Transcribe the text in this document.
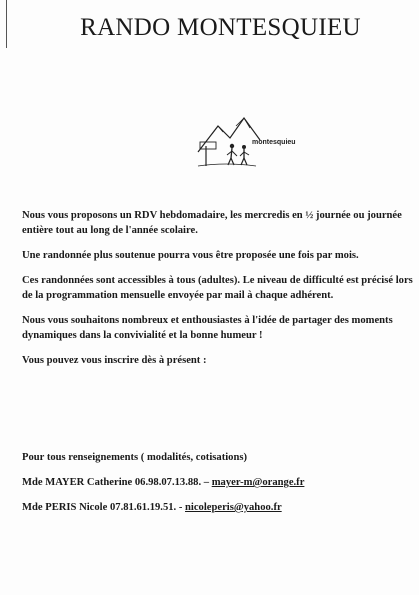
RANDO MONTESQUIEU
montesquieu

Nous vous proposons un RDV hebdomadaire, les mercredis en ½ journée ou journée entière tout au long de l'année scolaire.

Une randonnée plus soutenue pourra vous être proposée une fois par mois.

Ces randonnées sont accessibles à tous (adultes). Le niveau de difficulté est précisé lors de la programmation mensuelle envoyée par mail à chaque adhérent.

Nous vous souhaitons nombreux et enthousiastes à l'idée de partager des moments dynamiques dans la convivialité et la bonne humeur !

Vous pouvez vous inscrire dès à présent :

Pour tous renseignements ( modalités, cotisations)

Mde MAYER Catherine 06.98.07.13.88. – mayer-m@orange.fr

Mde PERIS Nicole 07.81.61.19.51. - nicoleperis@yahoo.fr
